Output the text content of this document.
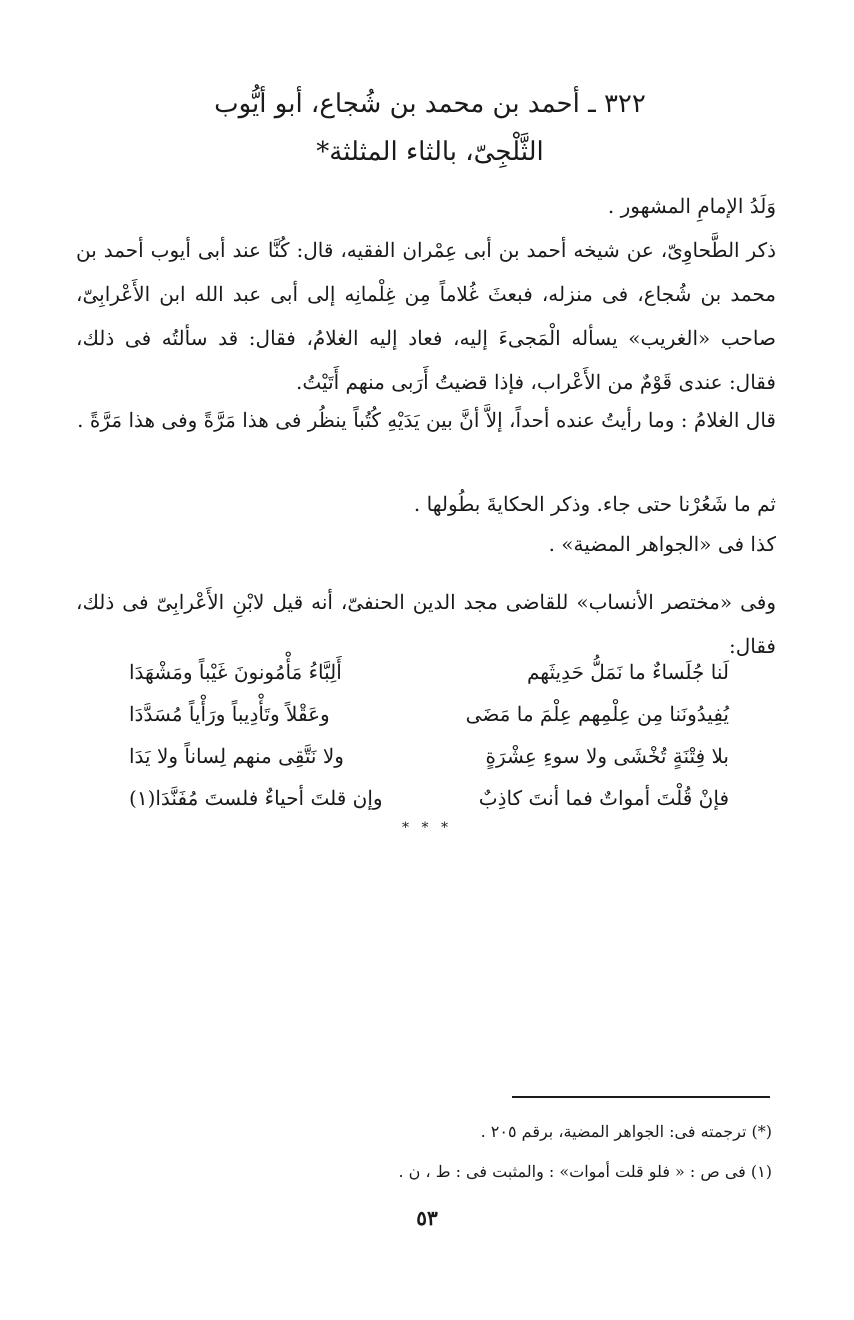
٣٢٢ ـ أحمد بن محمد بن شُجاع، أبو أيُّوب
الثَّلْجِىّ، بالثاء المثلثة*
وَلَدُ الإمامِ المشهور .
ذكر الطَّحاوِىّ، عن شيخه أحمد بن أبى عِمْران الفقيه، قال: كُنَّا عند أبى أيوب أحمد بن محمد بن شُجاع، فى منزله، فبعثَ غُلاماً مِن غِلْمانِه إلى أبى عبد الله ابن الأَعْرابِىّ، صاحب «الغريب» يسأله الْمَجىءَ إليه، فعاد إليه الغلامُ، فقال: قد سألتُه فى ذلك، فقال: عندى قَوْمٌ من الأَعْراب، فإذا قضيتُ أَرَبى منهم أَتَيْتُ.
قال الغلامُ : وما رأيتُ عنده أحداً، إلاَّ أنَّ بين يَدَيْهِ كُتُباً ينظُر فى هذا مَرَّةً وفى هذا مَرَّةً .
ثم ما شَعُرْنا حتى جاء. وذكر الحكايةَ بطُولها .
كذا فى «الجواهر المضية» .
وفى «مختصر الأنساب» للقاضى مجد الدين الحنفىّ، أنه قيل لابْنِ الأَعْرابِىّ فى ذلك، فقال:
لَنا جُلَساءٌ ما نَمَلُّ حَدِيثَهم
أَلِبَّاءُ مَأْمُونونَ غَيْباً ومَشْهَدَا
يُفِيدُونَنا مِن عِلْمِهم عِلْمَ ما مَضَى
وعَقْلاً وتَأْدِيباً ورَأْياً مُسَدَّدَا
بلا فِتْنَةٍ تُخْشَى ولا سوءِ عِشْرَةٍ
ولا نَتَّقِى منهم لِساناً ولا يَدَا
فإنْ قُلْتَ أمواتٌ فما أنتَ كاذِبٌ
وإن قلتَ أحياءٌ فلستَ مُفَنَّدَا(١)
* * *
(*) ترجمته فى: الجواهر المضية، برقم ٢٠٥ .
(١) فى ص : « فلو قلت أموات» : والمثبت فى : ط ، ن .
٥٣
